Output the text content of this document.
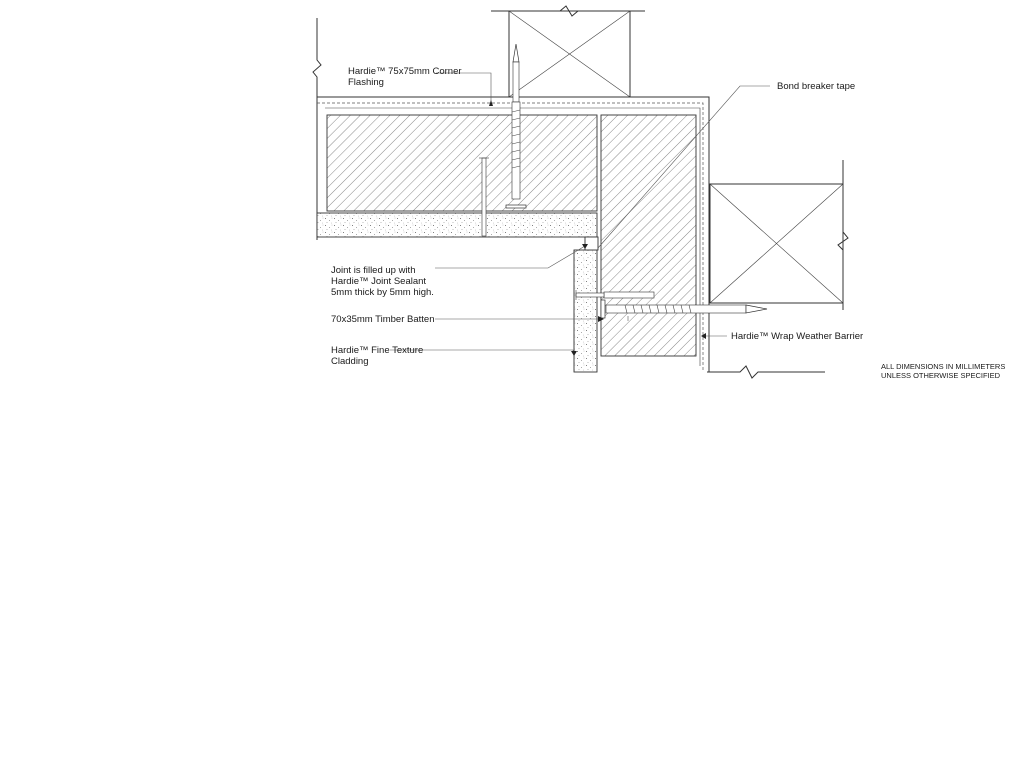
Hardie™ 75x75mm Corner Flashing	Bond breaker tape
Joint is filled up with Hardie™ Joint Sealant 5mm thick by 5mm high.
70x35mm Timber Batten
Hardie™ Fine Texture Cladding
Hardie™ Wrap Weather Barrier
ALL DIMENSIONS IN MILLIMETERS UNLESS OTHERWISE SPECIFIED
